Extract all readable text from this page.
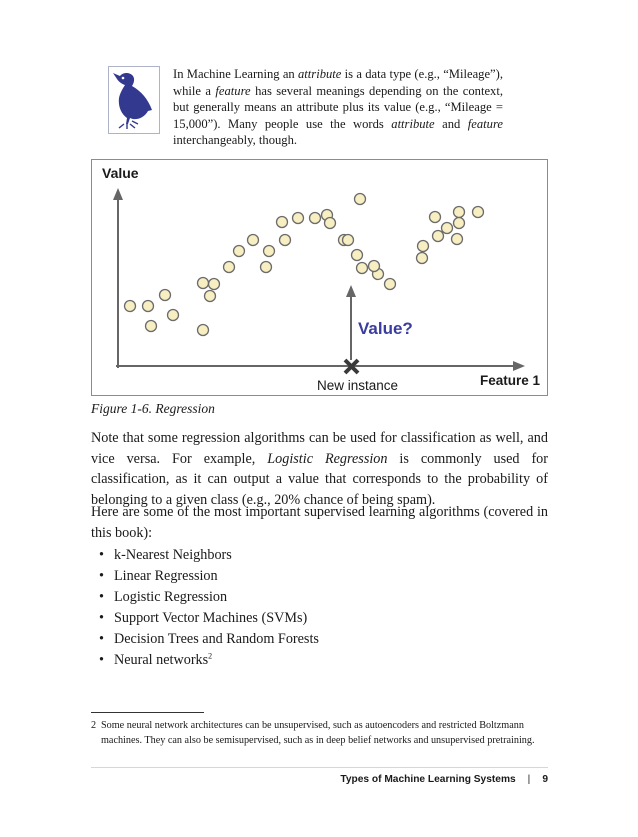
In Machine Learning an attribute is a data type (e.g., “Mileage”), while a feature has several meanings depending on the context, but generally means an attribute plus its value (e.g., “Mileage = 15,000”). Many people use the words attribute and feature interchangeably, though.
Value
Value?
New instance	Feature 1
Figure 1-6. Regression

Note that some regression algorithms can be used for classification as well, and vice versa. For example, Logistic Regression is commonly used for classification, as it can output a value that corresponds to the probability of belonging to a given class (e.g., 20% chance of being spam).

Here are some of the most important supervised learning algorithms (covered in this book):

• k-Nearest Neighbors
• Linear Regression
• Logistic Regression
• Support Vector Machines (SVMs)
• Decision Trees and Random Forests
• Neural networks$^2$
2 Some neural network architectures can be unsupervised, such as autoencoders and restricted Boltzmann
machines. They can also be semisupervised, such as in deep belief networks and unsupervised pretraining.
Types of Machine Learning Systems | 9
